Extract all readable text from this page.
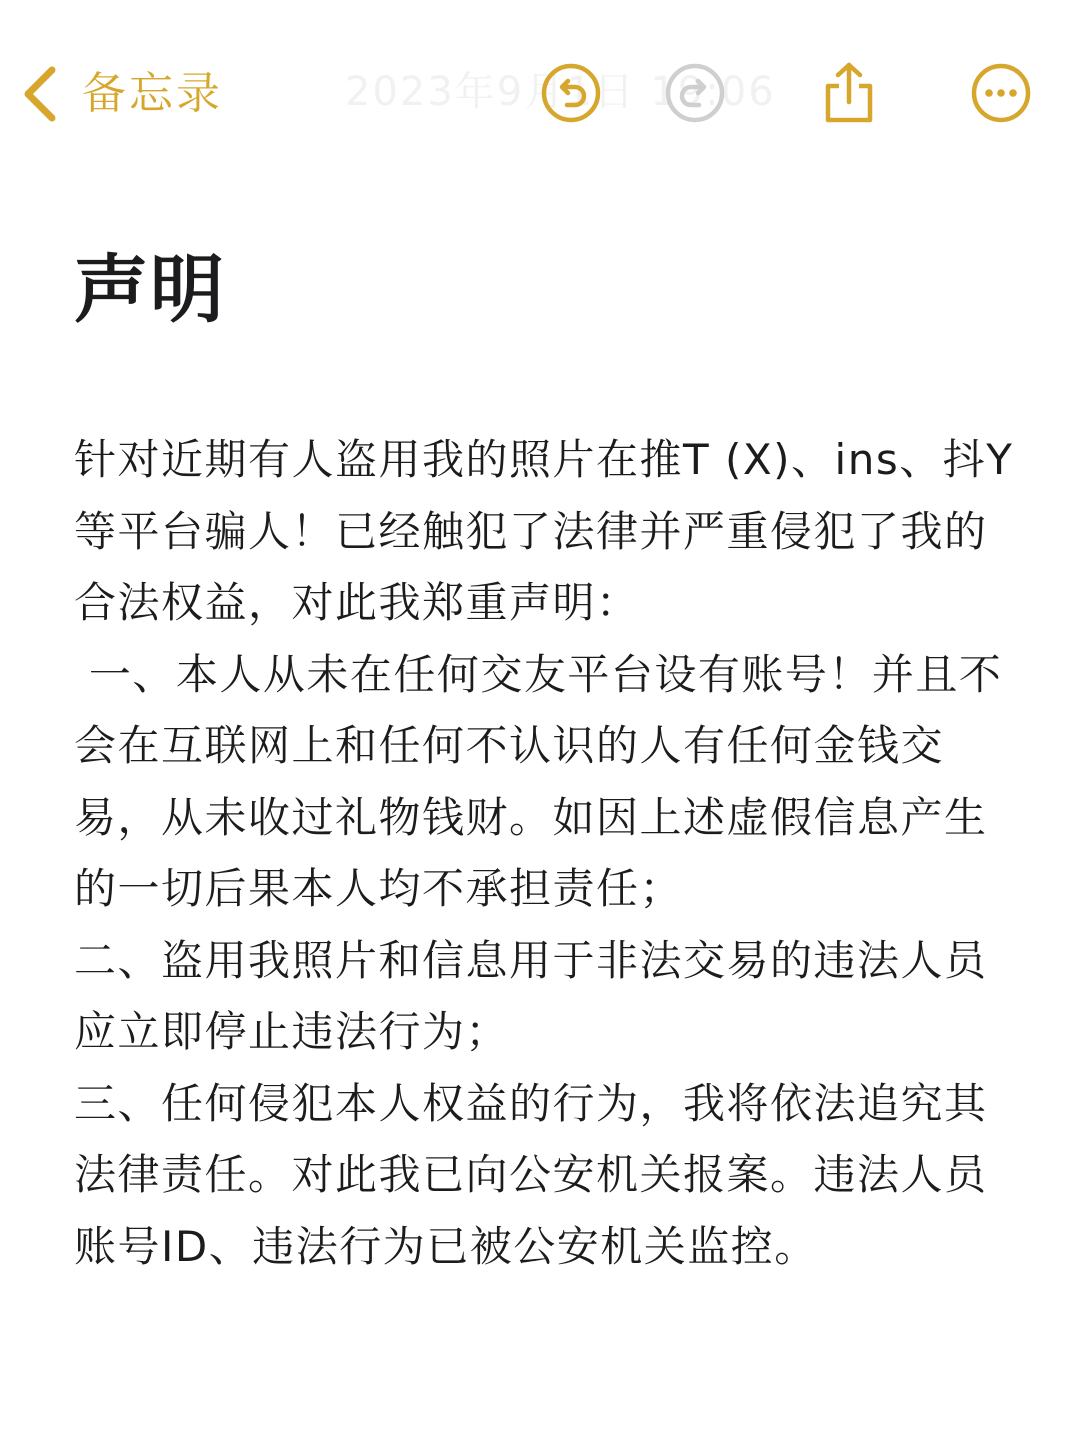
备忘录	2023年9月1日 19:06
声明

针对近期有人盗用我的照片在推T (X)、ins、抖Y等平台骗人！已经触犯了法律并严重侵犯了我的合法权益，对此我郑重声明：

一、本人从未在任何交友平台设有账号！并且不会在互联网上和任何不认识的人有任何金钱交易，从未收过礼物钱财。如因上述虚假信息产生的一切后果本人均不承担责任；

二、盗用我照片和信息用于非法交易的违法人员应立即停止违法行为；

三、任何侵犯本人权益的行为，我将依法追究其法律责任。对此我已向公安机关报案。违法人员账号ID、违法行为已被公安机关监控。
